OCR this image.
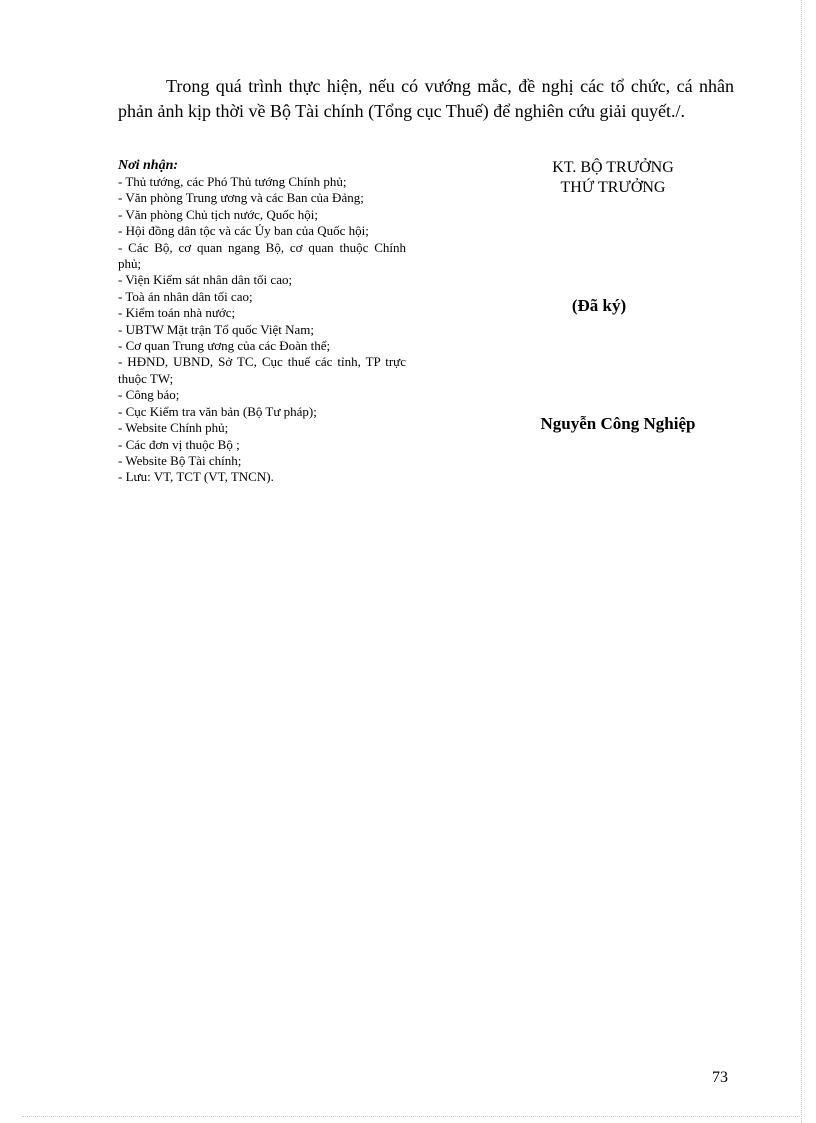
Trong quá trình thực hiện, nếu có vướng mắc, đề nghị các tổ chức, cá nhân phản ảnh kịp thời về Bộ Tài chính (Tổng cục Thuế) để nghiên cứu giải quyết./.

Nơi nhận:
- Thủ tướng, các Phó Thủ tướng Chính phủ;
- Văn phòng Trung ương và các Ban của Đảng;
- Văn phòng Chủ tịch nước, Quốc hội;
- Hội đồng dân tộc và các Ủy ban của Quốc hội;
- Các Bộ, cơ quan ngang Bộ, cơ quan thuộc Chính phủ;
- Viện Kiểm sát nhân dân tối cao;
- Toà án nhân dân tối cao;
- Kiểm toán nhà nước;
- UBTW Mặt trận Tổ quốc Việt Nam;
- Cơ quan Trung ương của các Đoàn thể;
- HĐND, UBND, Sở TC, Cục thuế các tỉnh, TP trực thuộc TW;
- Công báo;
- Cục Kiểm tra văn bản (Bộ Tư pháp);
- Website Chính phủ;
- Các đơn vị thuộc Bộ ;
- Website Bộ Tài chính;
- Lưu: VT, TCT (VT, TNCN).
KT. BỘ TRƯỞNG
THỨ TRƯỞNG
(Đã ký)
Nguyễn Công Nghiệp
73
